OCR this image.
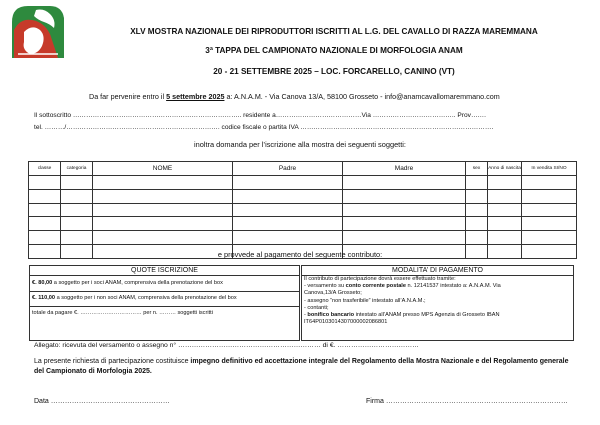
XLV MOSTRA NAZIONALE DEI RIPRODUTTORI ISCRITTI AL L.G. DEL CAVALLO DI RAZZA MAREMMANA
3ª TAPPA DEL CAMPIONATO NAZIONALE DI MORFOLOGIA ANAM
20 - 21 SETTEMBRE 2025 – LOC. FORCARELLO, CANINO (VT)
Da far pervenire entro il 5 settembre 2025 a: A.N.A.M. - Via Canova 13/A, 58100 Grosseto - info@anamcavallomaremmano.com
Il sottoscritto ………………………………………………………………….. residente a…………………………………Via ……………………………….. Prov…….
tel. ………/……………………………………………………………. codice fiscale o partita IVA …………………………………………………………………………….
inoltra domanda per l’iscrizione alla mostra dei seguenti soggetti:
classe	categoria	NOME	Padre	Madre	sex	Anno di nascita	In vendita SI/NO

e provvede al pagamento del seguente contributo:
QUOTE ISCRIZIONE
€. 80,00 a soggetto per i soci ANAM, comprensiva della prenotazione del box
€. 110,00 a soggetto per i non soci ANAM, comprensiva della prenotazione del box
totale da pagare €. …………………………… per n. ……… soggetti iscritti
MODALITA’ DI PAGAMENTO
Il contributo di partecipazione dovrà essere effettuato tramite:
- versamento su conto corrente postale n. 12141537 intestato a: A.N.A.M. Via
Canova,13/A Grosseto;
- assegno “non trasferibile” intestato all’A.N.A.M.;
- contanti;
- bonifico bancario intestato all’ANAM presso MPS Agenzia di Grosseto IBAN
IT64P0103014307000002086801
Allegato: ricevuta del versamento o assegno n° ……………………………………………………… di €. ………………………………
La presente richiesta di partecipazione costituisce impegno definitivo ed accettazione integrale del Regolamento della Mostra Nazionale e del Regolamento generale del Campionato di Morfologia 2025.
Data ……………………………………………	Firma ……………………………………………………………………
